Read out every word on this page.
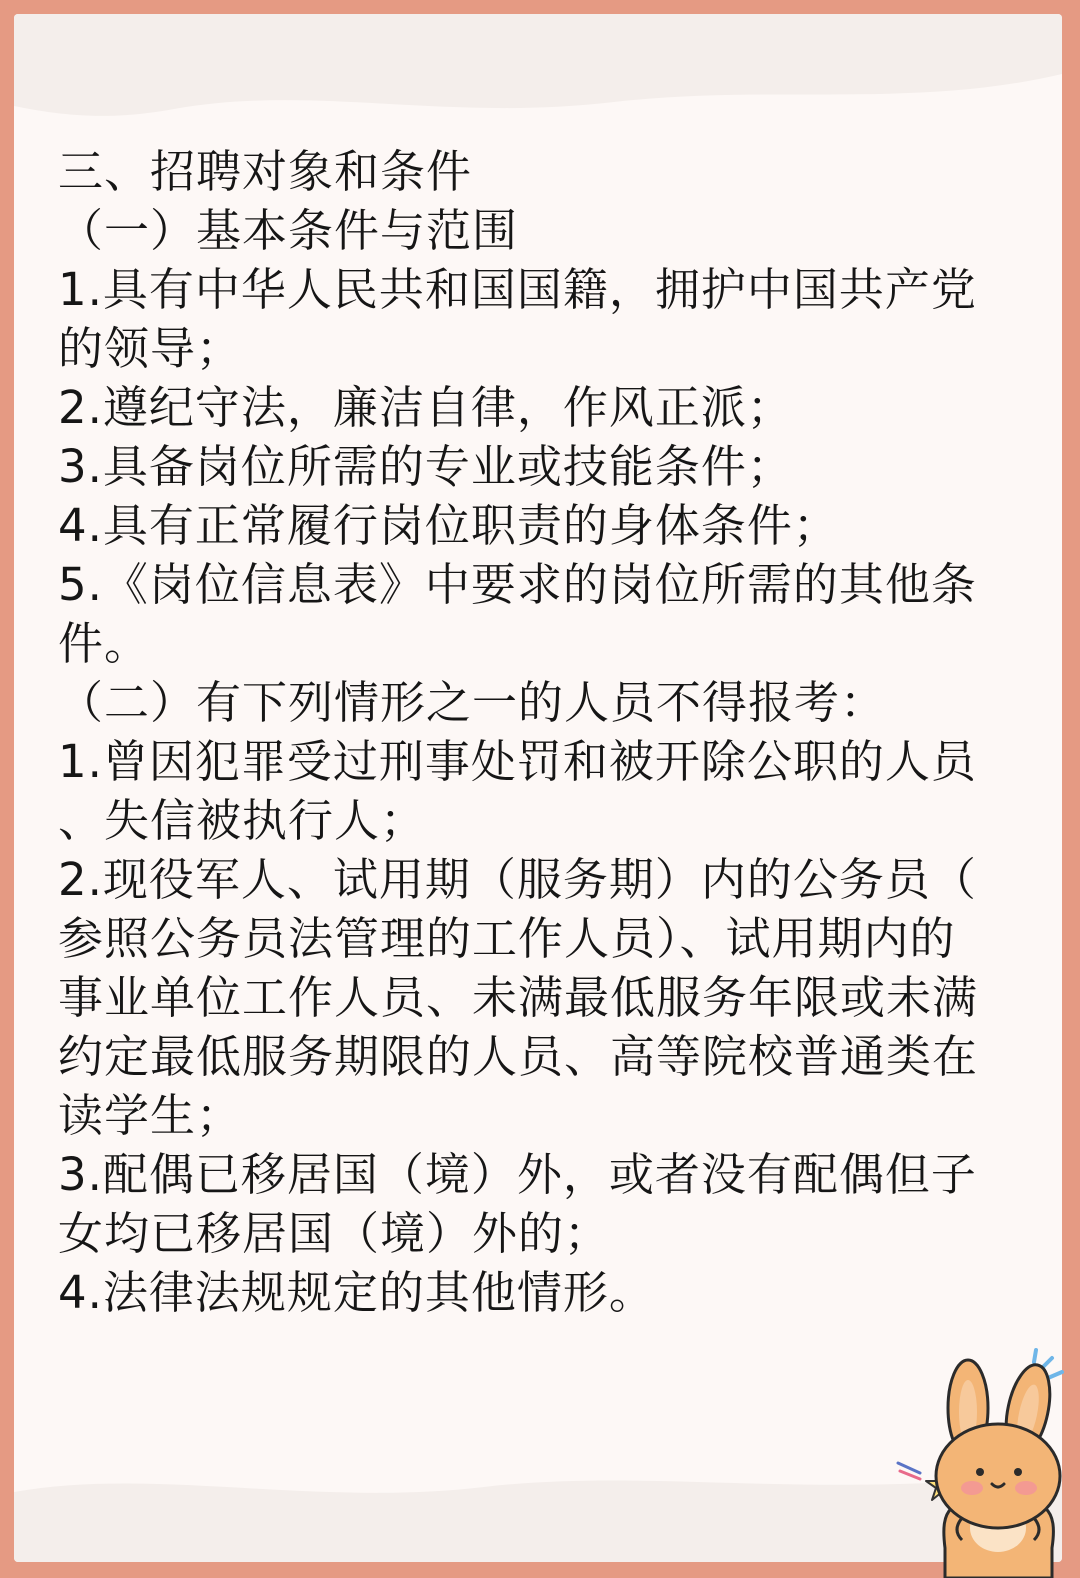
三、招聘对象和条件

（一）基本条件与范围

1.具有中华人民共和国国籍，拥护中国共产党

的领导；

2.遵纪守法，廉洁自律，作风正派；

3.具备岗位所需的专业或技能条件；

4.具有正常履行岗位职责的身体条件；

5.《岗位信息表》中要求的岗位所需的其他条

件。

（二）有下列情形之一的人员不得报考：

1.曾因犯罪受过刑事处罚和被开除公职的人员

、失信被执行人；

2.现役军人、试用期（服务期）内的公务员（

参照公务员法管理的工作人员）、试用期内的

事业单位工作人员、未满最低服务年限或未满

约定最低服务期限的人员、高等院校普通类在

读学生；

3.配偶已移居国（境）外，或者没有配偶但子

女均已移居国（境）外的；

4.法律法规规定的其他情形。
